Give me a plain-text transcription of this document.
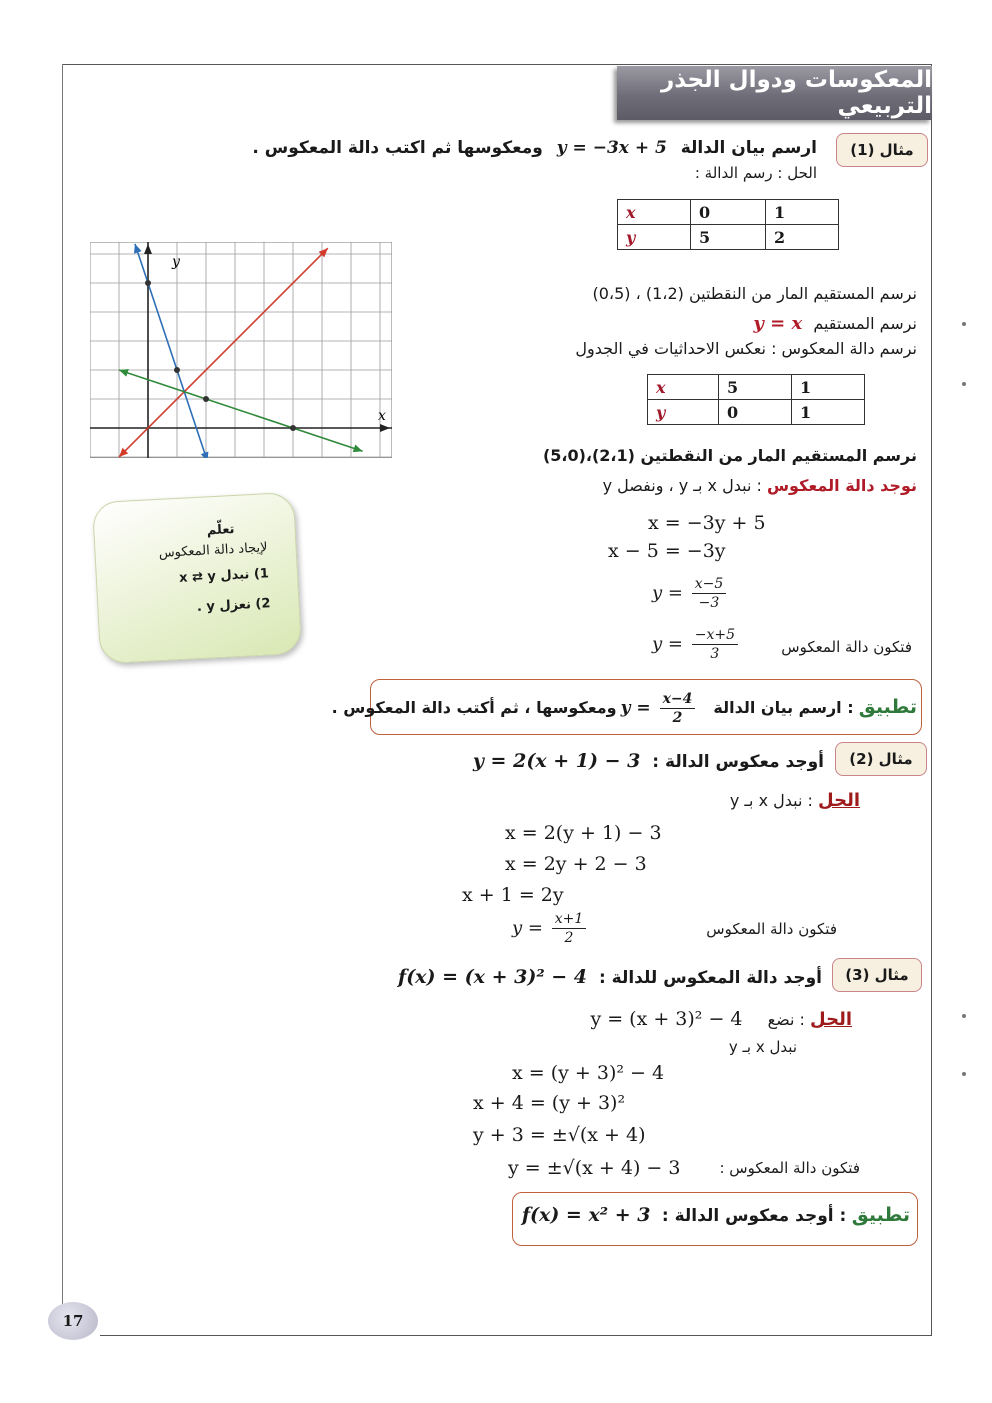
المعكوسات ودوال الجذر التربيعي
مثال (1)
ارسم بيان الدالة y = −3x + 5 ومعكوسها ثم اكتب دالة المعكوس .
الحل : رسم الدالة :
x	0	1
y	5	2
y
x
نرسم المستقيم المار من النقطتين (1،2) ، (0،5)
نرسم المستقيم y = x
نرسم دالة المعكوس : نعكس الاحداثيات في الجدول
x	5	1
y	0	1
نرسم المستقيم المار من النقطتين (2،1)،(5،0)
نوجد دالة المعكوس : نبدل x بـ y ، ونفصل y
x = −3y + 5
x − 5 = −3y
$y = \frac{x-5}{-3}$
$y = \frac{-x+5}{3}$	فتكون دالة المعكوس
تعلّم
لإيجاد دالة المعكوس
1) نبدل x ⇄ y
2) نعزل y .
تطبيق : ارسم بيان الدالة $y = \frac{x-4}{2}$
ومعكوسها ، ثم أكتب دالة المعكوس .
مثال (2)
أوجد معكوس الدالة : y = 2(x + 1) − 3
الحل : نبدل x بـ y
x = 2(y + 1) − 3
x = 2y + 2 − 3
x + 1 = 2y
$y = \frac{x+1}{2}$	فتكون دالة المعكوس
مثال (3)
أوجد دالة المعكوس للدالة : f(x) = (x + 3)² − 4
الحل : نضع y = (x + 3)² − 4
نبدل x بـ y
x = (y + 3)² − 4
x + 4 = (y + 3)²
y + 3 = ±√(x + 4)
y = ±√(x + 4) − 3	فتكون دالة المعكوس :
تطبيق : أوجد معكوس الدالة : f(x) = x² + 3
17
